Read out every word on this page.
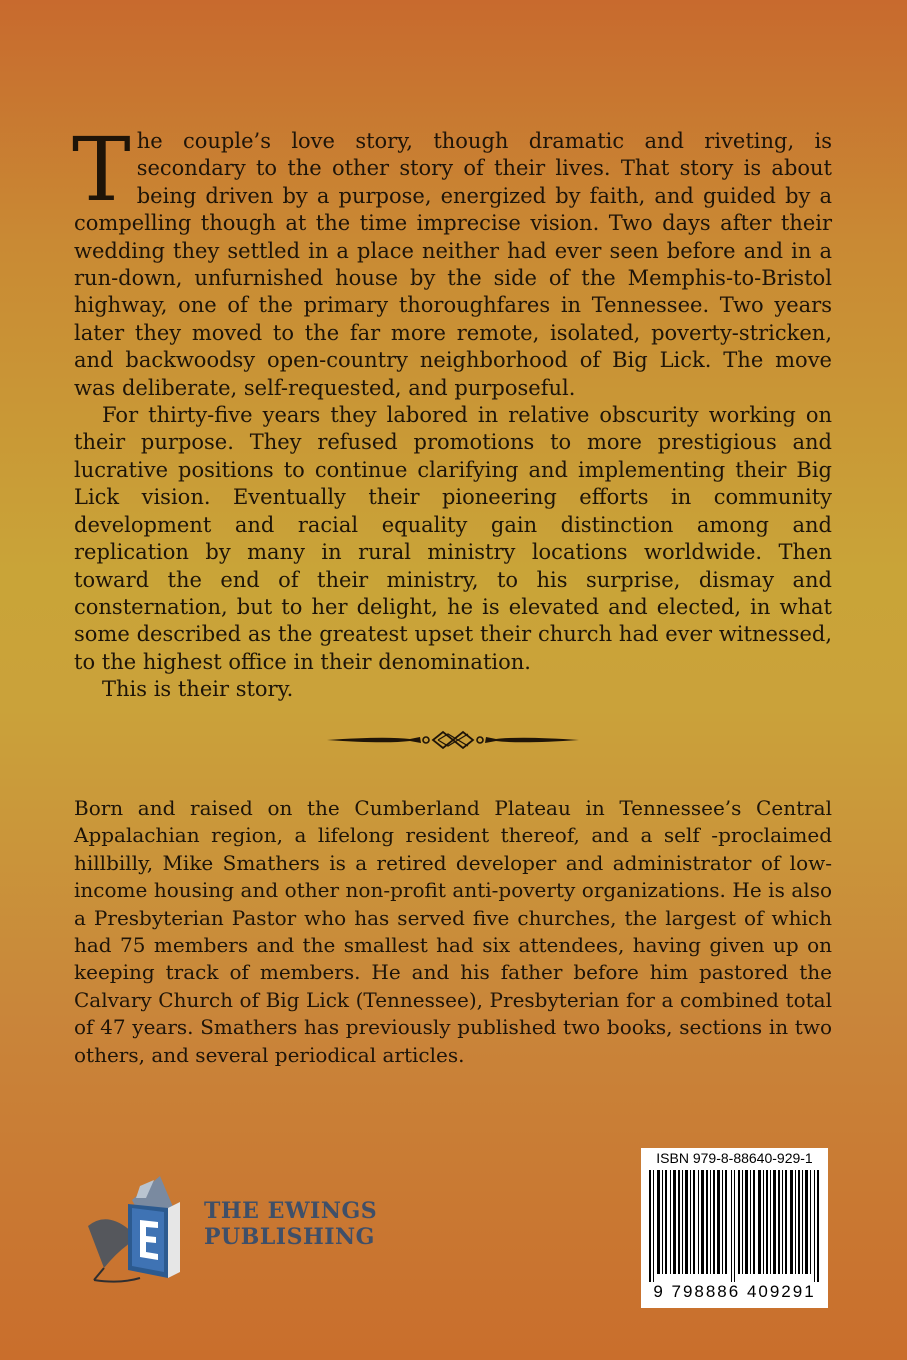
The couple’s love story, though dramatic and riveting, is secondary to the other story of their lives. That story is about being driven by a purpose, energized by faith, and guided by a compelling though at the time imprecise vision. Two days after their wedding they settled in a place neither had ever seen before and in a run-down, unfurnished house by the side of the Memphis-to-Bristol highway, one of the primary thoroughfares in Tennessee. Two years later they moved to the far more remote, isolated, poverty-stricken, and backwoodsy open-country neighborhood of Big Lick. The move was deliberate, self-requested, and purposeful.

For thirty-five years they labored in relative obscurity working on their purpose. They refused promotions to more prestigious and lucrative positions to continue clarifying and implementing their Big Lick vision. Eventually their pioneering efforts in community development and racial equality gain distinction among and replication by many in rural ministry locations worldwide. Then toward the end of their ministry, to his surprise, dismay and consternation, but to her delight, he is elevated and elected, in what some described as the greatest upset their church had ever witnessed, to the highest office in their denomination.

This is their story.

Born and raised on the Cumberland Plateau in Tennessee’s Central Appalachian region, a lifelong resident thereof, and a self -proclaimed hillbilly, Mike Smathers is a retired developer and administrator of low-income housing and other non-profit anti-poverty organizations. He is also a Presbyterian Pastor who has served five churches, the largest of which had 75 members and the smallest had six attendees, having given up on keeping track of members. He and his father before him pastored the Calvary Church of Big Lick (Tennessee), Presbyterian for a combined total of 47 years. Smathers has previously published two books, sections in two others, and several periodical articles.

THE EWINGS
PUBLISHING
ISBN 979-8-88640-929-1
9 798886 409291
